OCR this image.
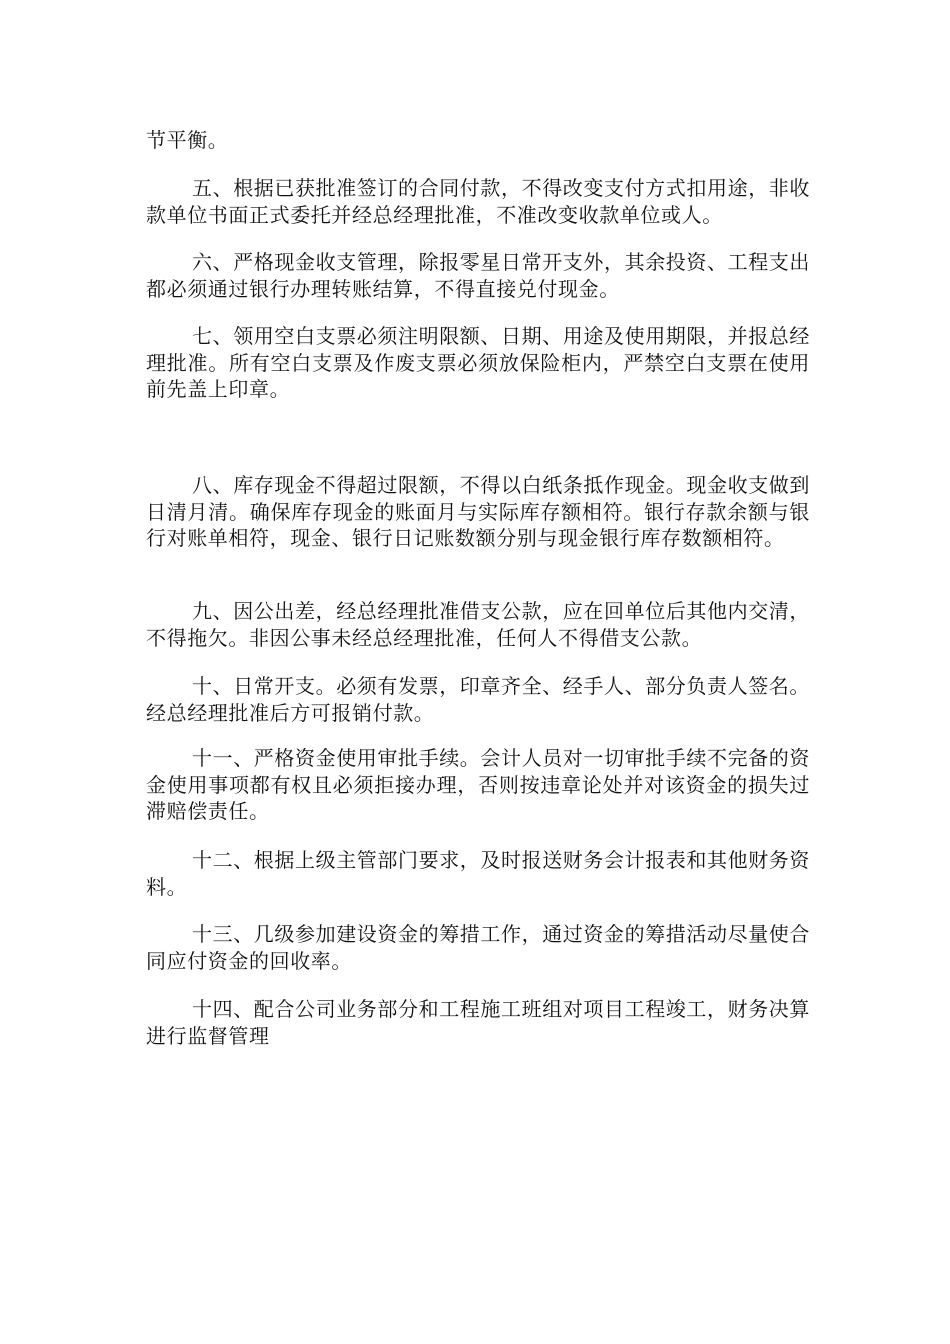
节平衡。

五、根据已获批准签订的合同付款，不得改变支付方式扣用途，非收款单位书面正式委托并经总经理批准，不准改变收款单位或人。

六、严格现金收支管理，除报零星日常开支外，其余投资、工程支出都必须通过银行办理转账结算，不得直接兑付现金。

七、领用空白支票必须注明限额、日期、用途及使用期限，并报总经理批准。所有空白支票及作废支票必须放保险柜内，严禁空白支票在使用前先盖上印章。

八、库存现金不得超过限额，不得以白纸条抵作现金。现金收支做到日清月清。确保库存现金的账面月与实际库存额相符。银行存款余额与银行对账单相符，现金、银行日记账数额分别与现金银行库存数额相符。

九、因公出差，经总经理批准借支公款，应在回单位后其他内交清，不得拖欠。非因公事未经总经理批准，任何人不得借支公款。

十、日常开支。必须有发票，印章齐全、经手人、部分负责人签名。经总经理批准后方可报销付款。

十一、严格资金使用审批手续。会计人员对一切审批手续不完备的资金使用事项都有权且必须拒接办理，否则按违章论处并对该资金的损失过滞赔偿责任。

十二、根据上级主管部门要求，及时报送财务会计报表和其他财务资料。

十三、几级参加建设资金的筹措工作，通过资金的筹措活动尽量使合同应付资金的回收率。

十四、配合公司业务部分和工程施工班组对项目工程竣工，财务决算进行监督管理
